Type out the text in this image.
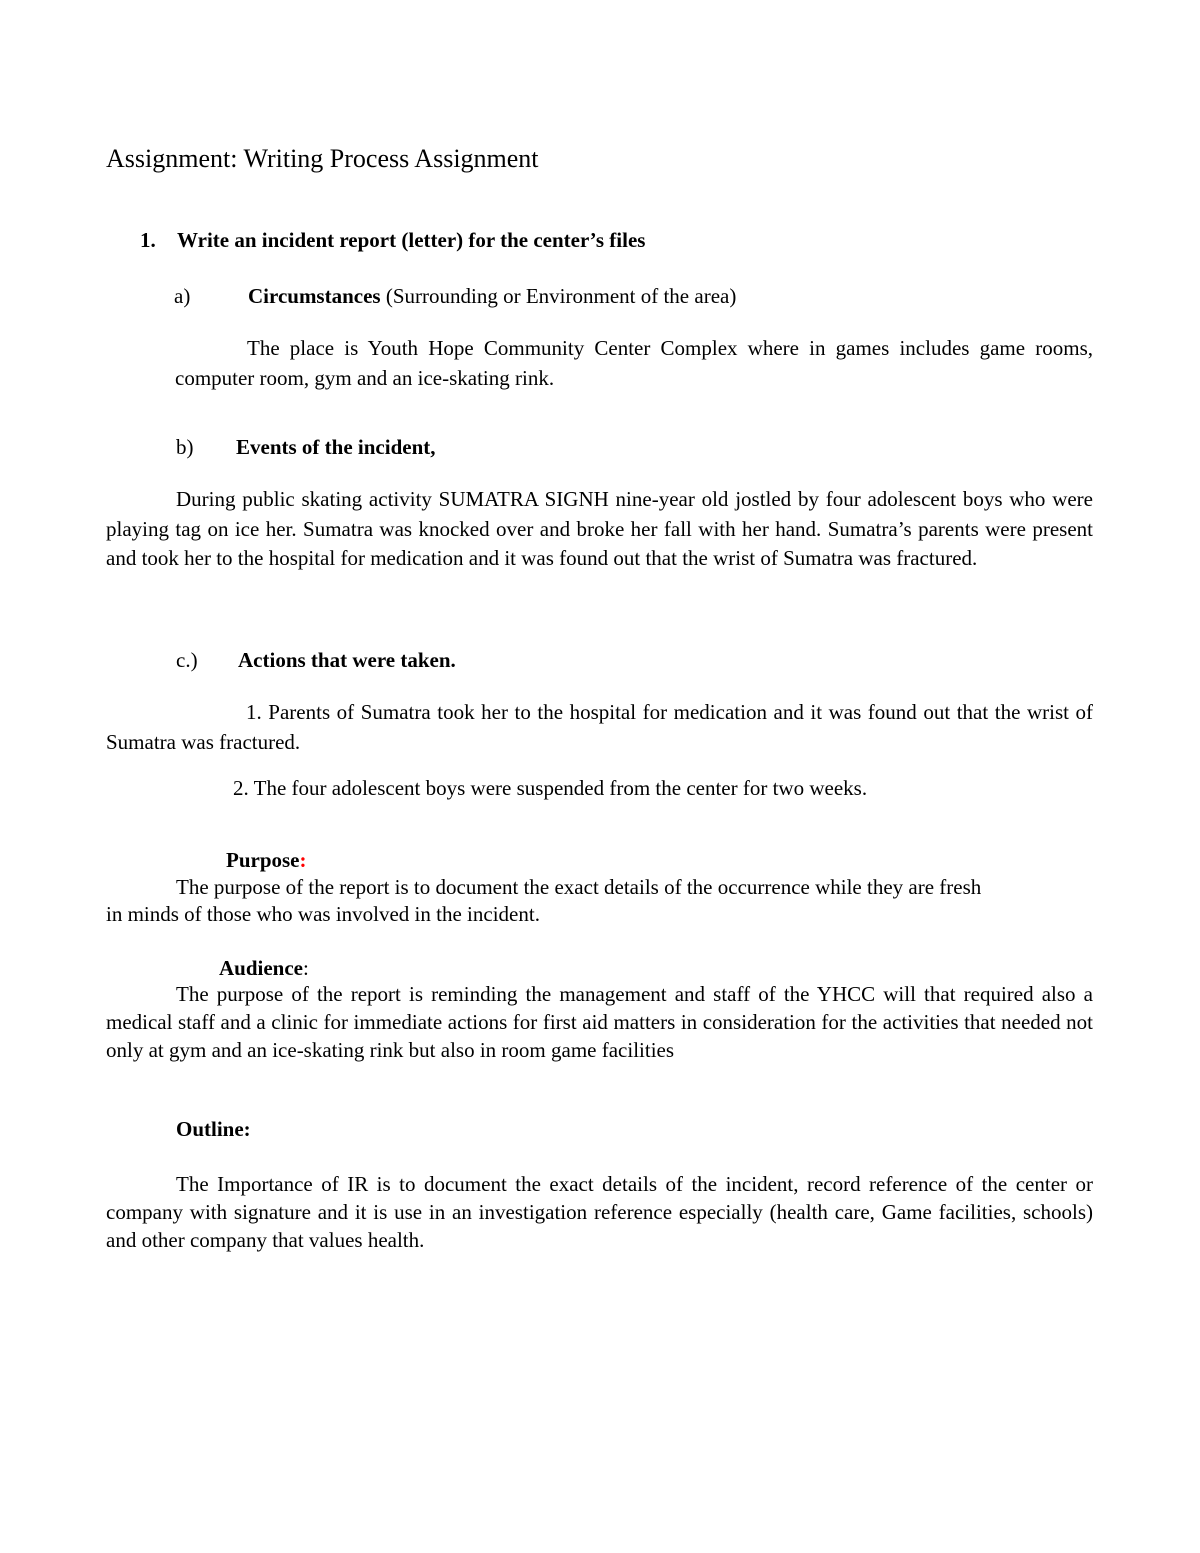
Assignment: Writing Process Assignment
1. Write an incident report (letter) for the center’s files
a)	Circumstances (Surrounding or Environment of the area)
The place is Youth Hope Community Center Complex where in games includes game rooms, computer room, gym and an ice-skating rink.
b) Events of the incident,
During public skating activity SUMATRA SIGNH nine-year old jostled by four adolescent boys who were playing tag on ice her. Sumatra was knocked over and broke her fall with her hand. Sumatra’s parents were present and took her to the hospital for medication and it was found out that the wrist of Sumatra was fractured.
c.) Actions that were taken.
1. Parents of Sumatra took her to the hospital for medication and it was found out that the wrist of Sumatra was fractured.
2. The four adolescent boys were suspended from the center for two weeks.
Purpose:
The purpose of the report is to document the exact details of the occurrence while they are fresh
in minds of those who was involved in the incident.
Audience:
The purpose of the report is reminding the management and staff of the YHCC will that required also a medical staff and a clinic for immediate actions for first aid matters in consideration for the activities that needed not only at gym and an ice-skating rink but also in room game facilities
Outline:
The Importance of IR is to document the exact details of the incident, record reference of the center or company with signature and it is use in an investigation reference especially (health care, Game facilities, schools) and other company that values health.
